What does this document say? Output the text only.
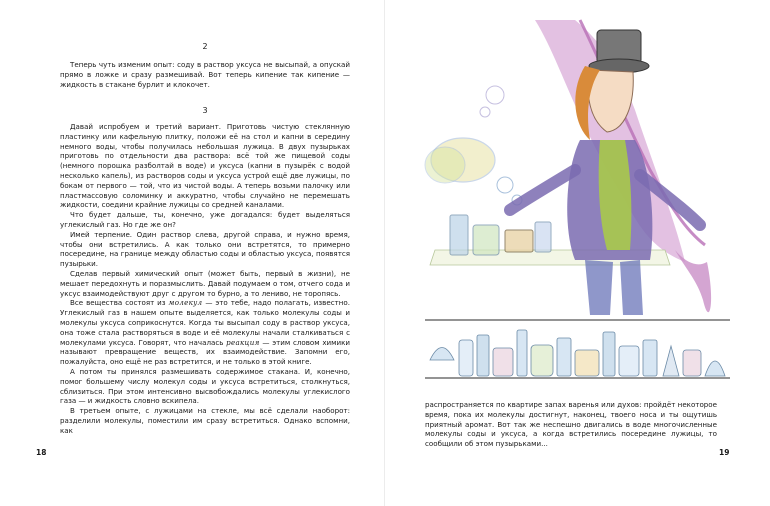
2

Теперь чуть изменим опыт: соду в раствор уксуса не высыпай, а опускай прямо в ложке и сразу размешивай. Вот теперь кипение так кипение — жидкость в стакане бурлит и клокочет.

3

Давай испробуем и третий вариант. Приготовь чистую стеклянную пластинку или кафельную плитку, положи её на стол и капни в середину немного воды, чтобы получилась небольшая лужица. В двух пузырьках приготовь по отдельности два раствора: всё той же пищевой соды (немного порошка разболтай в воде) и уксуса (капни в пузырёк с водой несколько капель), из растворов соды и уксуса устрой ещё две лужицы, по бокам от первого — той, что из чистой воды. А теперь возьми палочку или пластмассовую соломинку и аккуратно, чтобы случайно не перемешать жидкости, соедини крайние лужицы со средней каналами.

Что будет дальше, ты, конечно, уже догадался: будет выделяться углекислый газ. Но где же он?

Имей терпение. Один раствор слева, другой справа, и нужно время, чтобы они встретились. А как только они встретятся, то примерно посередине, на границе между областью соды и областью уксуса, появятся пузырьки.

Сделав первый химический опыт (может быть, первый в жизни), не мешает передохнуть и поразмыслить. Давай подумаем о том, отчего сода и уксус взаимодействуют друг с другом то бурно, а то лениво, не торопясь.

Все вещества состоят из молекул — это тебе, надо полагать, известно. Углекислый газ в нашем опыте выделяется, как только молекулы соды и молекулы уксуса соприкоснутся. Когда ты высыпал соду в раствор уксуса, она тоже стала растворяться в воде и её молекулы начали сталкиваться с молекулами уксуса. Говорят, что началась реакция — этим словом химики называют превращение веществ, их взаимодействие. Запомни его, пожалуйста, оно ещё не раз встретится, и не только в этой книге.

А потом ты принялся размешивать содержимое стакана. И, конечно, помог большему числу молекул соды и уксуса встретиться, столкнуться, сблизиться. При этом интенсивно высвобождались молекулы углекислого газа — и жидкость словно вскипела.

В третьем опыте, с лужицами на стекле, мы всё сделали наоборот: разделили молекулы, поместили им сразу встретиться. Однако вспомни, как

18

распространяется по квартире запах варенья или духов: пройдёт некоторое время, пока их молекулы достигнут, наконец, твоего носа и ты ощутишь приятный аромат. Вот так же неспешно двигались в воде многочисленные молекулы соды и уксуса, а когда встретились посередине лужицы, то сообщили об этом пузырьками...

19
